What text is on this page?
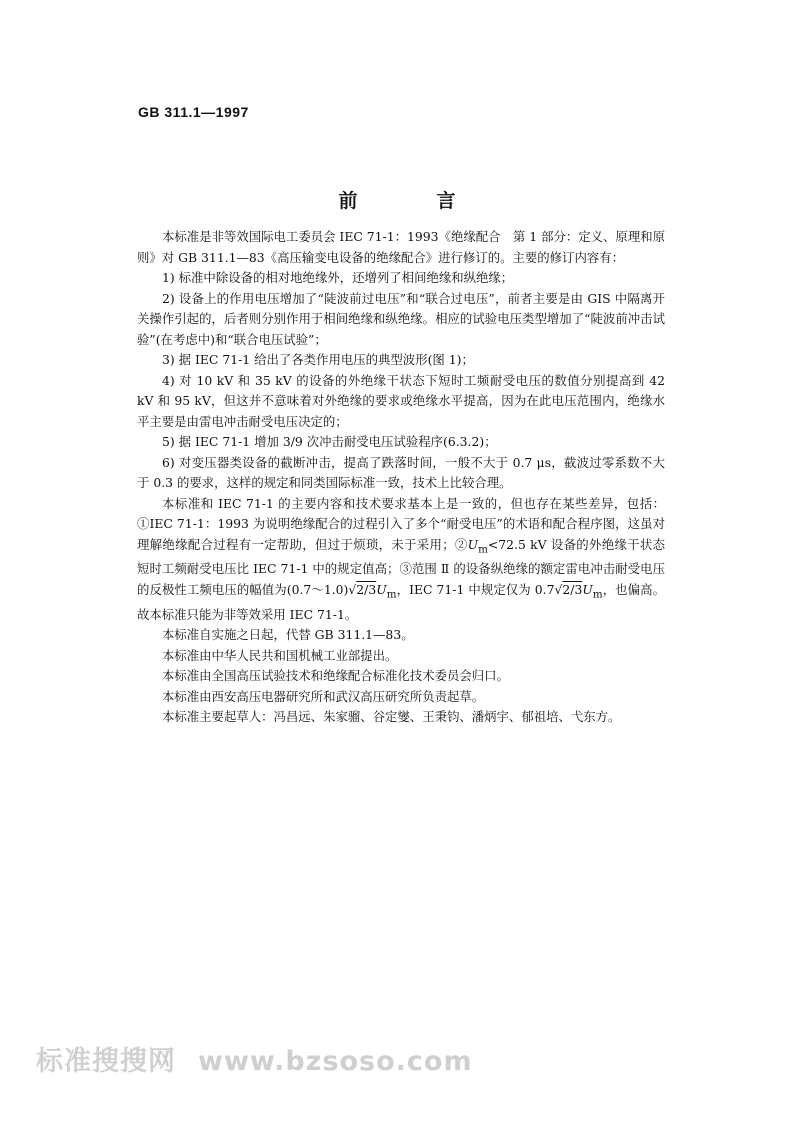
GB 311.1—1997
前　言

本标准是非等效国际电工委员会 IEC 71-1：1993《绝缘配合　第 1 部分：定义、原理和原则》对 GB 311.1—83《高压输变电设备的绝缘配合》进行修订的。主要的修订内容有：

1) 标准中除设备的相对地绝缘外，还增列了相间绝缘和纵绝缘；

2) 设备上的作用电压增加了“陡波前过电压”和“联合过电压”，前者主要是由 GIS 中隔离开关操作引起的，后者则分别作用于相间绝缘和纵绝缘。相应的试验电压类型增加了“陡波前冲击试验”(在考虑中)和“联合电压试验”；

3) 据 IEC 71-1 给出了各类作用电压的典型波形(图 1)；

4) 对 10 kV 和 35 kV 的设备的外绝缘干状态下短时工频耐受电压的数值分别提高到 42 kV 和 95 kV，但这并不意味着对外绝缘的要求或绝缘水平提高，因为在此电压范围内，绝缘水平主要是由雷电冲击耐受电压决定的；

5) 据 IEC 71-1 增加 3/9 次冲击耐受电压试验程序(6.3.2)；

6) 对变压器类设备的截断冲击，提高了跌落时间，一般不大于 0.7 μs，截波过零系数不大于 0.3 的要求，这样的规定和同类国际标准一致，技术上比较合理。

本标准和 IEC 71-1 的主要内容和技术要求基本上是一致的，但也存在某些差异，包括：①IEC 71-1：1993 为说明绝缘配合的过程引入了多个“耐受电压”的术语和配合程序图，这虽对理解绝缘配合过程有一定帮助，但过于烦琐，未于采用；$②U_m<72.5$ kV 设备的外绝缘干状态短时工频耐受电压比 IEC 71-1 中的规定值高；③范围 Ⅱ 的设备纵绝缘的额定雷电冲击耐受电压的反极性工频电压的幅值为$(0.7\sim 1.0)√2/3U_m$，IEC 71-1 中规定仅为 $0.7√2/3U_m$，也偏高。故本标准只能为非等效采用 IEC 71-1。

本标准自实施之日起，代替 GB 311.1—83。

本标准由中华人民共和国机械工业部提出。

本标准由全国高压试验技术和绝缘配合标准化技术委员会归口。

本标准由西安高压电器研究所和武汉高压研究所负责起草。

本标准主要起草人：冯昌远、朱家骝、谷定燮、王秉钧、潘炳宇、郁祖培、弋东方。

标准搜搜网 www.bzsoso.com
